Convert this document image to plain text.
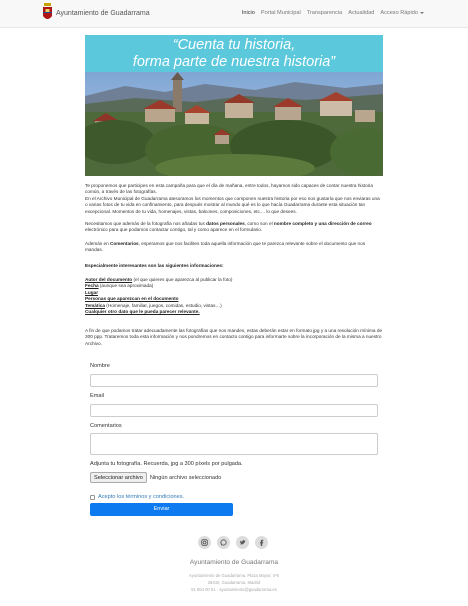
Ayuntamiento de Guadarrama	Inicio Portal Municipal Transparencia Actualidad Acceso Rápido
“Cuenta tu historia,
forma parte de nuestra historia”
Te proponemos que participes en esta campaña para que el día de mañana, entre todos, hayamos sido capaces de contar nuestra historia común, a través de las fotografías.
En el Archivo Municipal de Guadarrama atesoramos los momentos que componen nuestra historia por eso nos gustaría que nos enviaras una o varias fotos de tu vida en confinamiento, para después mostrar al mundo qué es lo que hacía Guadarrama durante esta situación tan excepcional. Momentos de tu vida, homenajes, vistas, balcones, composiciones, etc.... lo que desees.
Necesitamos que además de la fotografía nos añadas tus datos personales, como son el nombre completo y una dirección de correo electrónico para que podamos contactar contigo, tal y como aparece en el formulario.
Además en Comentarios, esperamos que nos facilites toda aquella información que te parezca relevante sobre el documento que nos mandas.
Especialmente interesantes son las siguientes informaciones:
Autor del documento (el que quieres que aparezca al publicar la foto)
Fecha (aunque sea aproximada)
Lugar
Personas que aparezcan en el documento
Temática (Homenaje, familiar, juegos, comidas, estudio, vistas…)
Cualquier otro dato que le pueda parecer relevante.
A fin de que podamos tratar adecuadamente las fotografías que nos mandes, estas deberán estar en formato jpg y a una resolución mínima de 300 ppp. Trataremos toda esta información y nos pondremos en contacto contigo para informarte sobre la incorporación de la misma a nuestro Archivo.
Nombre
Email
Comentarios
Adjunta tu fotografía. Recuerda, jpg a 300 píxels por pulgada.
Seleccionar archivo	Ningún archivo seleccionado
Acepto los términos y condiciones.
Enviar
Ayuntamiento de Guadarrama
Ayuntamiento de Guadarrama. Plaza Mayor, nº5
28440, Guadarrama. Madrid
91 854 00 51 · ayuntamiento@guadarrama.es
